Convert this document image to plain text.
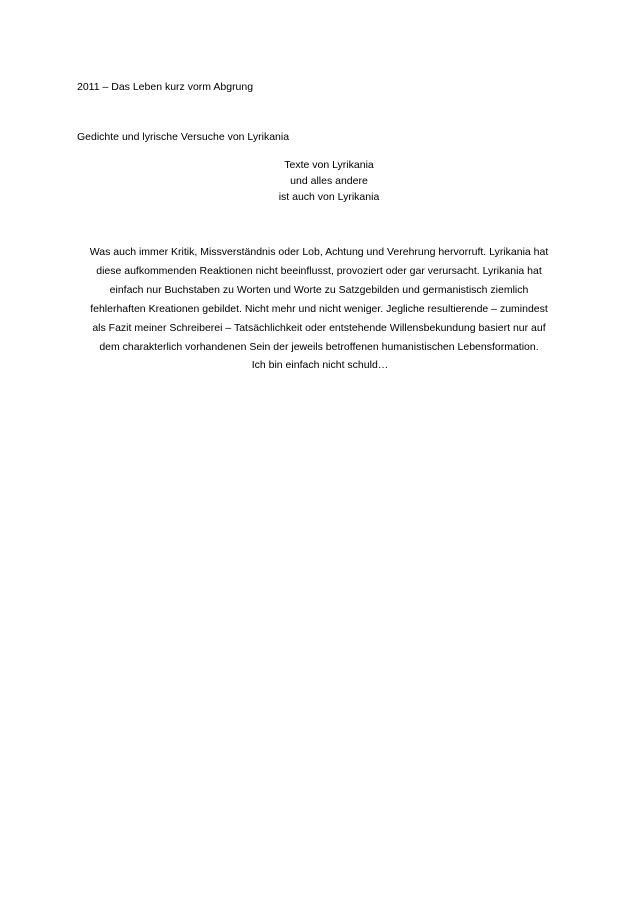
2011 – Das Leben kurz vorm Abgrung
Gedichte und lyrische Versuche von Lyrikania
Texte von Lyrikania
und alles andere
ist auch von Lyrikania
Was auch immer Kritik, Missverständnis oder Lob, Achtung und Verehrung hervorruft. Lyrikania hat
diese aufkommenden Reaktionen nicht beeinflusst, provoziert oder gar verursacht. Lyrikania hat
einfach nur Buchstaben zu Worten und Worte zu Satzgebilden und germanistisch ziemlich
fehlerhaften Kreationen gebildet. Nicht mehr und nicht weniger. Jegliche resultierende – zumindest
als Fazit meiner Schreiberei – Tatsächlichkeit oder entstehende Willensbekundung basiert nur auf
dem charakterlich vorhandenen Sein der jeweils betroffenen humanistischen Lebensformation.
Ich bin einfach nicht schuld…
